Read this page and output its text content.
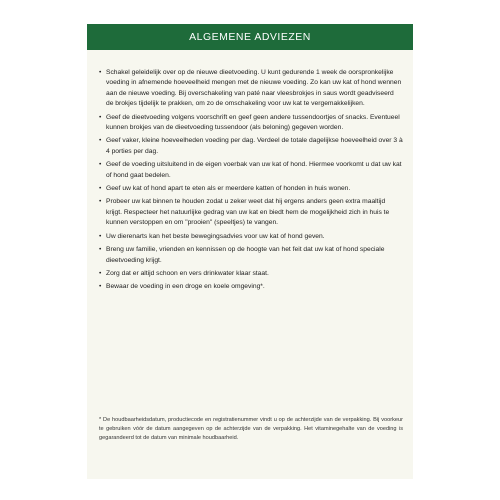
ALGEMENE ADVIEZEN
• Schakel geleidelijk over op de nieuwe dieetvoeding. U kunt gedurende 1 week de oorspronkelijke voeding in afnemende hoeveelheid mengen met de nieuwe voeding. Zo kan uw kat of hond wennen aan de nieuwe voeding. Bij overschakeling van paté naar vleesbrokjes in saus wordt geadviseerd de brokjes tijdelijk te prakken, om zo de omschakeling voor uw kat te vergemakkelijken.
• Geef de dieetvoeding volgens voorschrift en geef geen andere tussendoortjes of snacks. Eventueel kunnen brokjes van de dieetvoeding tussendoor (als beloning) gegeven worden.
• Geef vaker, kleine hoeveelheden voeding per dag. Verdeel de totale dagelijkse hoeveelheid over 3 à 4 porties per dag.
• Geef de voeding uitsluitend in de eigen voerbak van uw kat of hond. Hiermee voorkomt u dat uw kat of hond gaat bedelen.
• Geef uw kat of hond apart te eten als er meerdere katten of honden in huis wonen.
• Probeer uw kat binnen te houden zodat u zeker weet dat hij ergens anders geen extra maaltijd krijgt. Respecteer het natuurlijke gedrag van uw kat en biedt hem de mogelijkheid zich in huis te kunnen verstoppen en om "prooien" (speeltjes) te vangen.
• Uw dierenarts kan het beste bewegingsadvies voor uw kat of hond geven.
• Breng uw familie, vrienden en kennissen op de hoogte van het feit dat uw kat of hond speciale dieetvoeding krijgt.
• Zorg dat er altijd schoon en vers drinkwater klaar staat.
• Bewaar de voeding in een droge en koele omgeving*.
* De houdbaarheidsdatum, productiecode en registratienummer vindt u op de achterzijde van de verpakking. Bij voorkeur te gebruiken vóór de datum aangegeven op de achterzijde van de verpakking. Het vitaminegehalte van de voeding is gegarandeerd tot de datum van minimale houdbaarheid.
